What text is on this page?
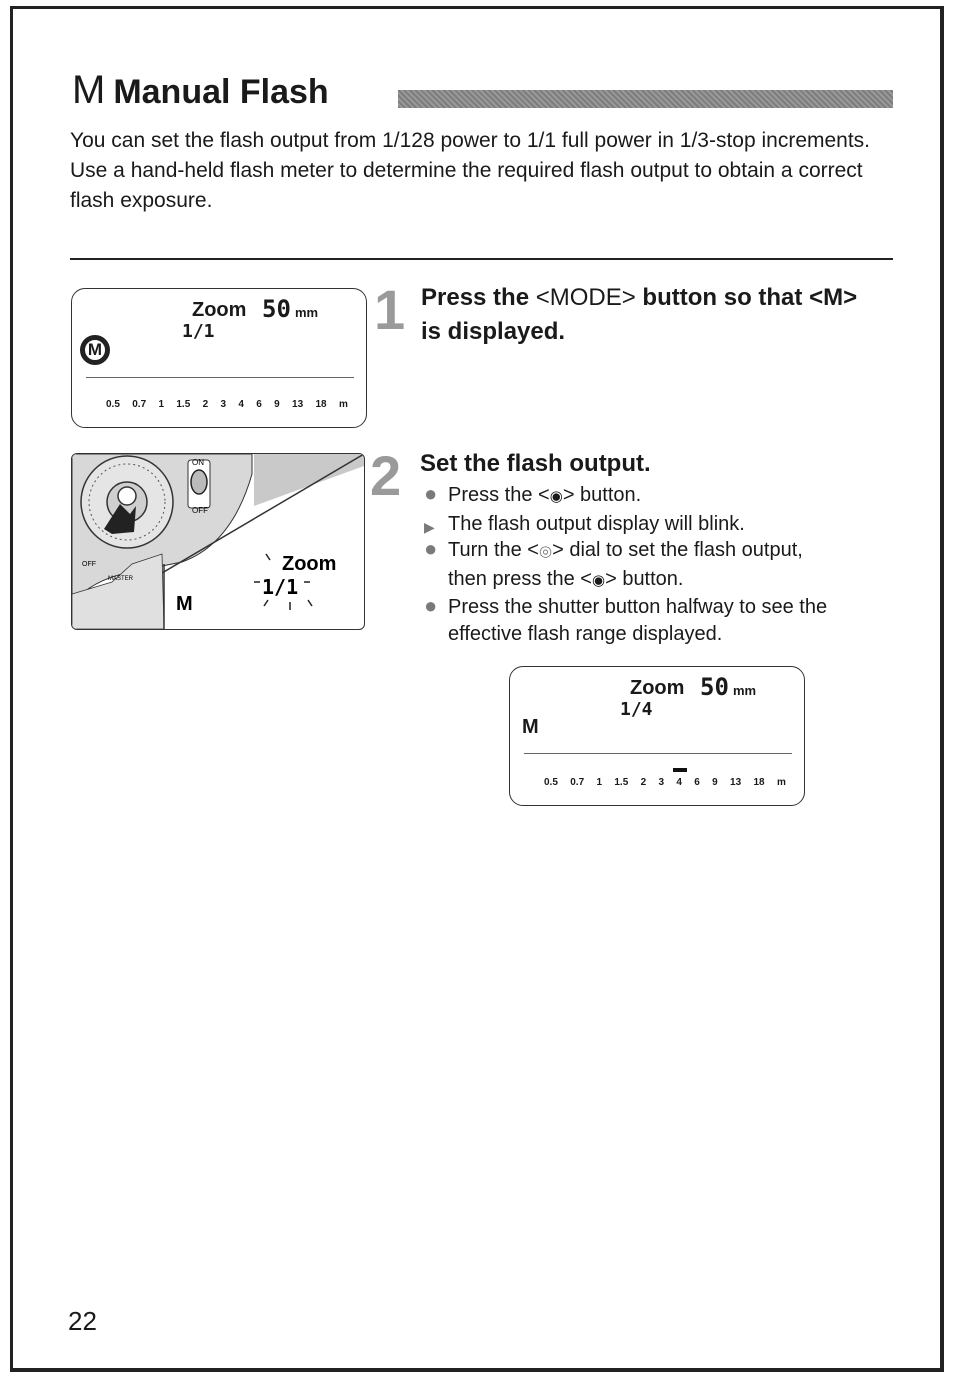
M Manual Flash

You can set the flash output from 1/128 power to 1/1 full power in 1/3-stop increments.

Use a hand-held flash meter to determine the required flash output to obtain a correct flash exposure.

M
Zoom 50 mm
1/1
0.5 0.7 1 1.5 2 3 4 6 9 13 18 m
1 Press the <MODE> button so that <M> is displayed.
ON
OFF
OFF
MASTER
M
Zoom
1/1
2 Set the flash output.
● Press the <◉> button.
▶ The flash output display will blink.
● Turn the <◎> dial to set the flash output,
then press the <◉> button.
● Press the shutter button halfway to see the
effective flash range displayed.
M
Zoom 50 mm
1/4
0.5 0.7 1 1.5 2 3 4 6 9 13 18 m
22
